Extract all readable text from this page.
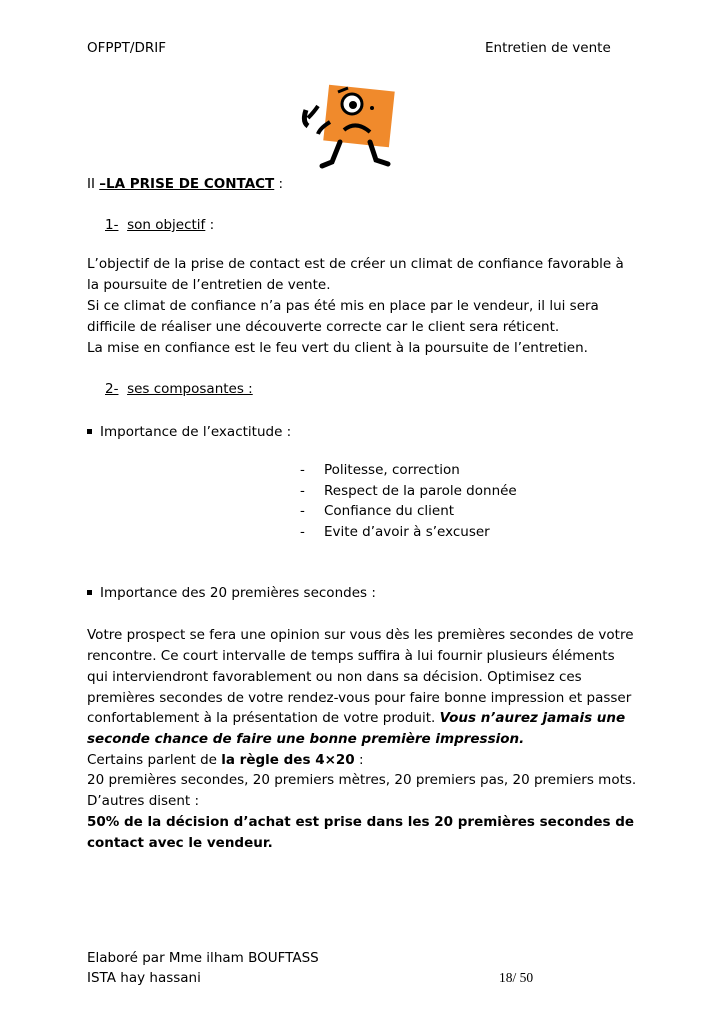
OFPPT/DRIF	Entretien de vente
II –LA PRISE DE CONTACT :
1- son objectif :
L’objectif de la prise de contact est de créer un climat de confiance favorable à
la poursuite de l’entretien de vente.
Si ce climat de confiance n’a pas été mis en place par le vendeur, il lui sera
difficile de réaliser une découverte correcte car le client sera réticent.
La mise en confiance est le feu vert du client à la poursuite de l’entretien.
2- ses composantes :
Importance de l’exactitude :
- Politesse, correction
- Respect de la parole donnée
- Confiance du client
- Evite d’avoir à s’excuser
Importance des 20 premières secondes :
Votre prospect se fera une opinion sur vous dès les premières secondes de votre
rencontre. Ce court intervalle de temps suffira à lui fournir plusieurs éléments
qui interviendront favorablement ou non dans sa décision. Optimisez ces
premières secondes de votre rendez-vous pour faire bonne impression et passer
confortablement à la présentation de votre produit. Vous n’aurez jamais une
seconde chance de faire une bonne première impression.
Certains parlent de la règle des 4×20 :
20 premières secondes, 20 premiers mètres, 20 premiers pas, 20 premiers mots.
D’autres disent :
50% de la décision d’achat est prise dans les 20 premières secondes de
contact avec le vendeur.
Elaboré par Mme ilham BOUFTASS
ISTA hay hassani	18/ 50
